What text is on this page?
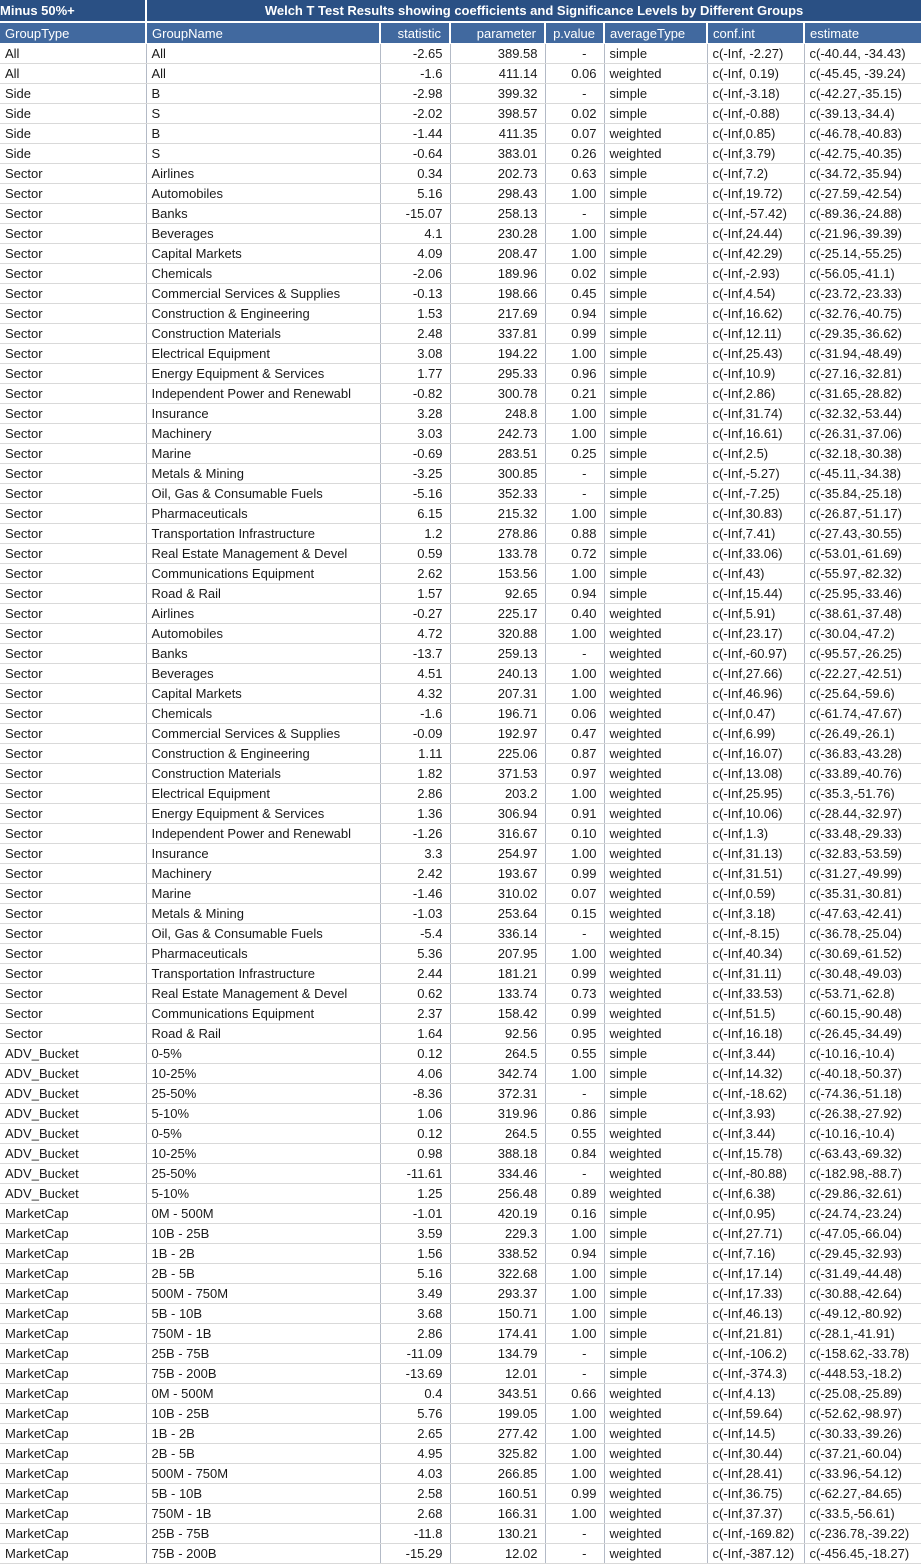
Minus 50%+	Welch T Test Results showing coefficients and Significance Levels by Different Groups						
GroupType	GroupName	statistic	parameter	p.value	averageType	conf.int	estimate
All	All	-2.65	389.58	-	simple	c(-Inf, -2.27)	c(-40.44, -34.43)
All	All	-1.6	411.14	0.06	weighted	c(-Inf, 0.19)	c(-45.45, -39.24)
Side	B	-2.98	399.32	-	simple	c(-Inf,-3.18)	c(-42.27,-35.15)
Side	S	-2.02	398.57	0.02	simple	c(-Inf,-0.88)	c(-39.13,-34.4)
Side	B	-1.44	411.35	0.07	weighted	c(-Inf,0.85)	c(-46.78,-40.83)
Side	S	-0.64	383.01	0.26	weighted	c(-Inf,3.79)	c(-42.75,-40.35)
Sector	Airlines	0.34	202.73	0.63	simple	c(-Inf,7.2)	c(-34.72,-35.94)
Sector	Automobiles	5.16	298.43	1.00	simple	c(-Inf,19.72)	c(-27.59,-42.54)
Sector	Banks	-15.07	258.13	-	simple	c(-Inf,-57.42)	c(-89.36,-24.88)
Sector	Beverages	4.1	230.28	1.00	simple	c(-Inf,24.44)	c(-21.96,-39.39)
Sector	Capital Markets	4.09	208.47	1.00	simple	c(-Inf,42.29)	c(-25.14,-55.25)
Sector	Chemicals	-2.06	189.96	0.02	simple	c(-Inf,-2.93)	c(-56.05,-41.1)
Sector	Commercial Services & Supplies	-0.13	198.66	0.45	simple	c(-Inf,4.54)	c(-23.72,-23.33)
Sector	Construction & Engineering	1.53	217.69	0.94	simple	c(-Inf,16.62)	c(-32.76,-40.75)
Sector	Construction Materials	2.48	337.81	0.99	simple	c(-Inf,12.11)	c(-29.35,-36.62)
Sector	Electrical Equipment	3.08	194.22	1.00	simple	c(-Inf,25.43)	c(-31.94,-48.49)
Sector	Energy Equipment & Services	1.77	295.33	0.96	simple	c(-Inf,10.9)	c(-27.16,-32.81)
Sector	Independent Power and Renewabl	-0.82	300.78	0.21	simple	c(-Inf,2.86)	c(-31.65,-28.82)
Sector	Insurance	3.28	248.8	1.00	simple	c(-Inf,31.74)	c(-32.32,-53.44)
Sector	Machinery	3.03	242.73	1.00	simple	c(-Inf,16.61)	c(-26.31,-37.06)
Sector	Marine	-0.69	283.51	0.25	simple	c(-Inf,2.5)	c(-32.18,-30.38)
Sector	Metals & Mining	-3.25	300.85	-	simple	c(-Inf,-5.27)	c(-45.11,-34.38)
Sector	Oil, Gas & Consumable Fuels	-5.16	352.33	-	simple	c(-Inf,-7.25)	c(-35.84,-25.18)
Sector	Pharmaceuticals	6.15	215.32	1.00	simple	c(-Inf,30.83)	c(-26.87,-51.17)
Sector	Transportation Infrastructure	1.2	278.86	0.88	simple	c(-Inf,7.41)	c(-27.43,-30.55)
Sector	Real Estate Management & Devel	0.59	133.78	0.72	simple	c(-Inf,33.06)	c(-53.01,-61.69)
Sector	Communications Equipment	2.62	153.56	1.00	simple	c(-Inf,43)	c(-55.97,-82.32)
Sector	Road & Rail	1.57	92.65	0.94	simple	c(-Inf,15.44)	c(-25.95,-33.46)
Sector	Airlines	-0.27	225.17	0.40	weighted	c(-Inf,5.91)	c(-38.61,-37.48)
Sector	Automobiles	4.72	320.88	1.00	weighted	c(-Inf,23.17)	c(-30.04,-47.2)
Sector	Banks	-13.7	259.13	-	weighted	c(-Inf,-60.97)	c(-95.57,-26.25)
Sector	Beverages	4.51	240.13	1.00	weighted	c(-Inf,27.66)	c(-22.27,-42.51)
Sector	Capital Markets	4.32	207.31	1.00	weighted	c(-Inf,46.96)	c(-25.64,-59.6)
Sector	Chemicals	-1.6	196.71	0.06	weighted	c(-Inf,0.47)	c(-61.74,-47.67)
Sector	Commercial Services & Supplies	-0.09	192.97	0.47	weighted	c(-Inf,6.99)	c(-26.49,-26.1)
Sector	Construction & Engineering	1.11	225.06	0.87	weighted	c(-Inf,16.07)	c(-36.83,-43.28)
Sector	Construction Materials	1.82	371.53	0.97	weighted	c(-Inf,13.08)	c(-33.89,-40.76)
Sector	Electrical Equipment	2.86	203.2	1.00	weighted	c(-Inf,25.95)	c(-35.3,-51.76)
Sector	Energy Equipment & Services	1.36	306.94	0.91	weighted	c(-Inf,10.06)	c(-28.44,-32.97)
Sector	Independent Power and Renewabl	-1.26	316.67	0.10	weighted	c(-Inf,1.3)	c(-33.48,-29.33)
Sector	Insurance	3.3	254.97	1.00	weighted	c(-Inf,31.13)	c(-32.83,-53.59)
Sector	Machinery	2.42	193.67	0.99	weighted	c(-Inf,31.51)	c(-31.27,-49.99)
Sector	Marine	-1.46	310.02	0.07	weighted	c(-Inf,0.59)	c(-35.31,-30.81)
Sector	Metals & Mining	-1.03	253.64	0.15	weighted	c(-Inf,3.18)	c(-47.63,-42.41)
Sector	Oil, Gas & Consumable Fuels	-5.4	336.14	-	weighted	c(-Inf,-8.15)	c(-36.78,-25.04)
Sector	Pharmaceuticals	5.36	207.95	1.00	weighted	c(-Inf,40.34)	c(-30.69,-61.52)
Sector	Transportation Infrastructure	2.44	181.21	0.99	weighted	c(-Inf,31.11)	c(-30.48,-49.03)
Sector	Real Estate Management & Devel	0.62	133.74	0.73	weighted	c(-Inf,33.53)	c(-53.71,-62.8)
Sector	Communications Equipment	2.37	158.42	0.99	weighted	c(-Inf,51.5)	c(-60.15,-90.48)
Sector	Road & Rail	1.64	92.56	0.95	weighted	c(-Inf,16.18)	c(-26.45,-34.49)
ADV_Bucket	0-5%	0.12	264.5	0.55	simple	c(-Inf,3.44)	c(-10.16,-10.4)
ADV_Bucket	10-25%	4.06	342.74	1.00	simple	c(-Inf,14.32)	c(-40.18,-50.37)
ADV_Bucket	25-50%	-8.36	372.31	-	simple	c(-Inf,-18.62)	c(-74.36,-51.18)
ADV_Bucket	5-10%	1.06	319.96	0.86	simple	c(-Inf,3.93)	c(-26.38,-27.92)
ADV_Bucket	0-5%	0.12	264.5	0.55	weighted	c(-Inf,3.44)	c(-10.16,-10.4)
ADV_Bucket	10-25%	0.98	388.18	0.84	weighted	c(-Inf,15.78)	c(-63.43,-69.32)
ADV_Bucket	25-50%	-11.61	334.46	-	weighted	c(-Inf,-80.88)	c(-182.98,-88.7)
ADV_Bucket	5-10%	1.25	256.48	0.89	weighted	c(-Inf,6.38)	c(-29.86,-32.61)
MarketCap	0M - 500M	-1.01	420.19	0.16	simple	c(-Inf,0.95)	c(-24.74,-23.24)
MarketCap	10B - 25B	3.59	229.3	1.00	simple	c(-Inf,27.71)	c(-47.05,-66.04)
MarketCap	1B - 2B	1.56	338.52	0.94	simple	c(-Inf,7.16)	c(-29.45,-32.93)
MarketCap	2B - 5B	5.16	322.68	1.00	simple	c(-Inf,17.14)	c(-31.49,-44.48)
MarketCap	500M - 750M	3.49	293.37	1.00	simple	c(-Inf,17.33)	c(-30.88,-42.64)
MarketCap	5B - 10B	3.68	150.71	1.00	simple	c(-Inf,46.13)	c(-49.12,-80.92)
MarketCap	750M - 1B	2.86	174.41	1.00	simple	c(-Inf,21.81)	c(-28.1,-41.91)
MarketCap	25B - 75B	-11.09	134.79	-	simple	c(-Inf,-106.2)	c(-158.62,-33.78)
MarketCap	75B - 200B	-13.69	12.01	-	simple	c(-Inf,-374.3)	c(-448.53,-18.2)
MarketCap	0M - 500M	0.4	343.51	0.66	weighted	c(-Inf,4.13)	c(-25.08,-25.89)
MarketCap	10B - 25B	5.76	199.05	1.00	weighted	c(-Inf,59.64)	c(-52.62,-98.97)
MarketCap	1B - 2B	2.65	277.42	1.00	weighted	c(-Inf,14.5)	c(-30.33,-39.26)
MarketCap	2B - 5B	4.95	325.82	1.00	weighted	c(-Inf,30.44)	c(-37.21,-60.04)
MarketCap	500M - 750M	4.03	266.85	1.00	weighted	c(-Inf,28.41)	c(-33.96,-54.12)
MarketCap	5B - 10B	2.58	160.51	0.99	weighted	c(-Inf,36.75)	c(-62.27,-84.65)
MarketCap	750M - 1B	2.68	166.31	1.00	weighted	c(-Inf,37.37)	c(-33.5,-56.61)
MarketCap	25B - 75B	-11.8	130.21	-	weighted	c(-Inf,-169.82)	c(-236.78,-39.22)
MarketCap	75B - 200B	-15.29	12.02	-	weighted	c(-Inf,-387.12)	c(-456.45,-18.27)
